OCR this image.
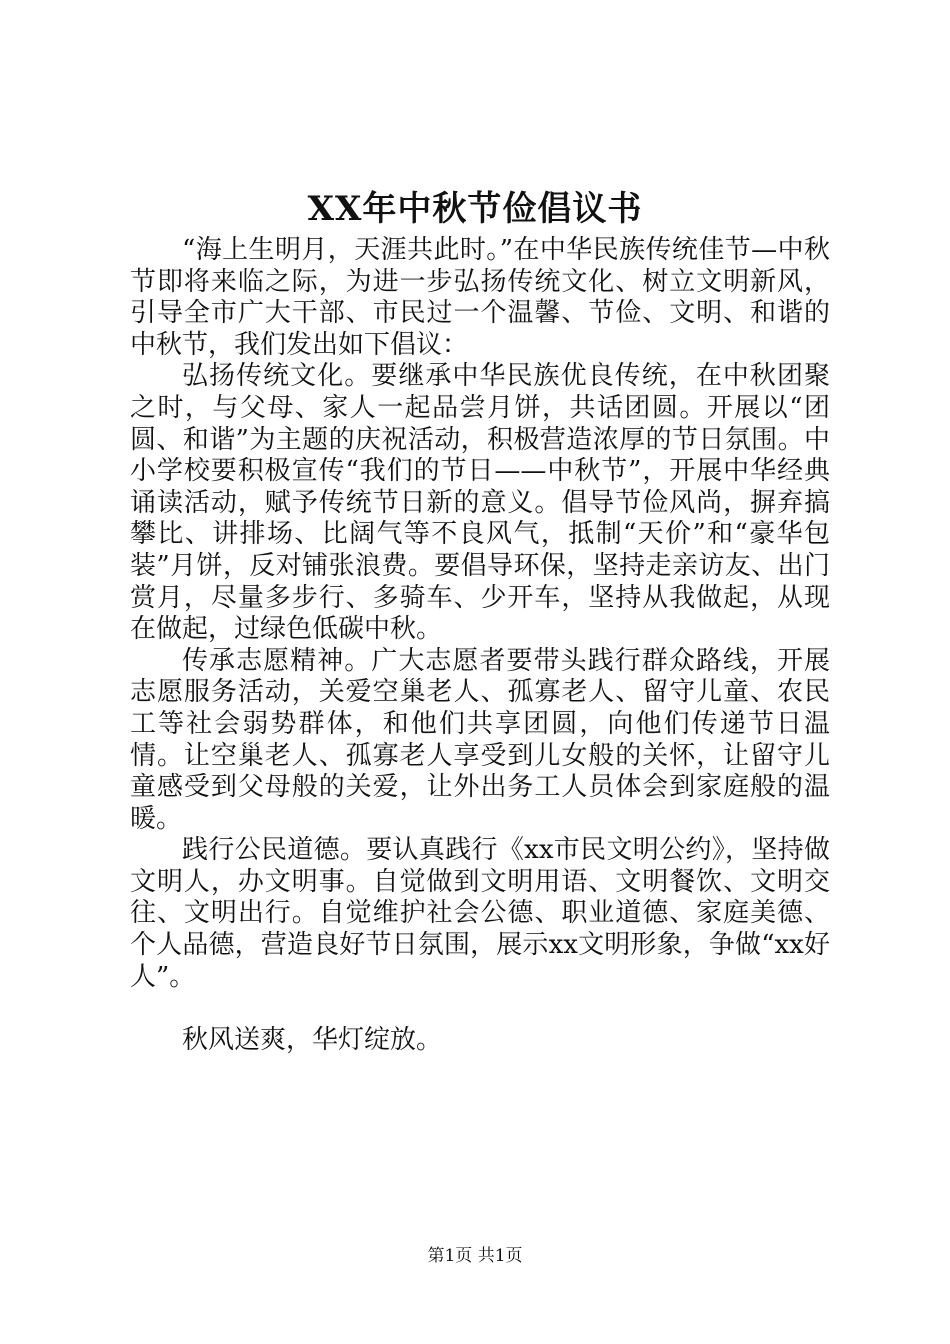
XX年中秋节俭倡议书

“海上生明月，天涯共此时。”在中华民族传统佳节—中秋节即将来临之际，为进一步弘扬传统文化、树立文明新风，引导全市广大干部、市民过一个温馨、节俭、文明、和谐的中秋节，我们发出如下倡议：

弘扬传统文化。要继承中华民族优良传统，在中秋团聚之时，与父母、家人一起品尝月饼，共话团圆。开展以“团圆、和谐”为主题的庆祝活动，积极营造浓厚的节日氛围。中小学校要积极宣传“我们的节日——中秋节”，开展中华经典诵读活动，赋予传统节日新的意义。倡导节俭风尚，摒弃搞攀比、讲排场、比阔气等不良风气，抵制“天价”和“豪华包装”月饼，反对铺张浪费。要倡导环保，坚持走亲访友、出门赏月，尽量多步行、多骑车、少开车，坚持从我做起，从现在做起，过绿色低碳中秋。

传承志愿精神。广大志愿者要带头践行群众路线，开展志愿服务活动，关爱空巢老人、孤寡老人、留守儿童、农民工等社会弱势群体，和他们共享团圆，向他们传递节日温情。让空巢老人、孤寡老人享受到儿女般的关怀，让留守儿童感受到父母般的关爱，让外出务工人员体会到家庭般的温暖。

践行公民道德。要认真践行《xx市民文明公约》，坚持做文明人，办文明事。自觉做到文明用语、文明餐饮、文明交往、文明出行。自觉维护社会公德、职业道德、家庭美德、个人品德，营造良好节日氛围，展示xx文明形象，争做“xx好人”。

秋风送爽，华灯绽放。

第1页 共1页
